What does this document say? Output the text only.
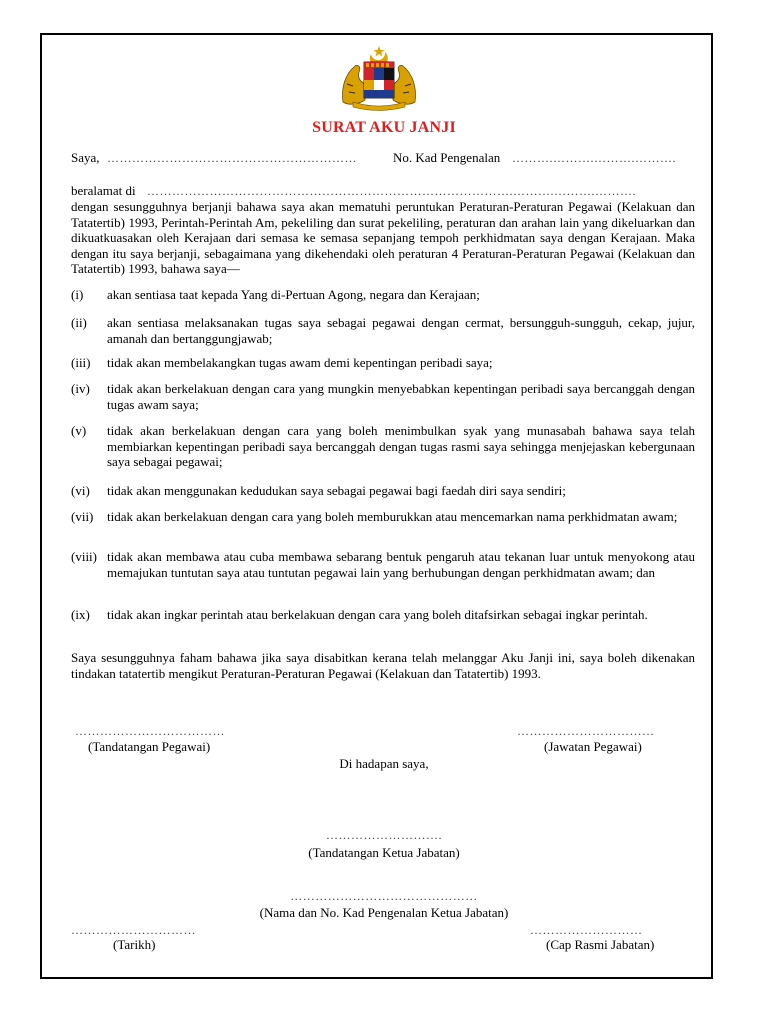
SURAT AKU JANJI
Saya, ……………………………………………………	No. Kad Pengenalan ……….……….……….……….
beralamat di …………………………………………………………………………….……….……….……….
dengan sesungguhnya berjanji bahawa saya akan mematuhi peruntukan Peraturan-Peraturan Pegawai (Kelakuan dan Tatatertib) 1993, Perintah-Perintah Am, pekeliling dan surat pekeliling, peraturan dan arahan lain yang dikeluarkan dan dikuatkuasakan oleh Kerajaan dari semasa ke semasa sepanjang tempoh perkhidmatan saya dengan Kerajaan. Maka dengan itu saya berjanji, sebagaimana yang dikehendaki oleh peraturan 4 Peraturan-Peraturan Pegawai (Kelakuan dan Tatatertib) 1993, bahawa saya—
(i) akan sentiasa taat kepada Yang di-Pertuan Agong, negara dan Kerajaan;
(ii) akan sentiasa melaksanakan tugas saya sebagai pegawai dengan cermat, bersungguh-sungguh, cekap, jujur, amanah dan bertanggungjawab;
(iii) tidak akan membelakangkan tugas awam demi kepentingan peribadi saya;
(iv) tidak akan berkelakuan dengan cara yang mungkin menyebabkan kepentingan peribadi saya bercanggah dengan tugas awam saya;
(v) tidak akan berkelakuan dengan cara yang boleh menimbulkan syak yang munasabah bahawa saya telah membiarkan kepentingan peribadi saya bercanggah dengan tugas rasmi saya sehingga menjejaskan kebergunaan saya sebagai pegawai;
(vi) tidak akan menggunakan kedudukan saya sebagai pegawai bagi faedah diri saya sendiri;
(vii) tidak akan berkelakuan dengan cara yang boleh memburukkan atau mencemarkan nama perkhidmatan awam;
(viii) tidak akan membawa atau cuba membawa sebarang bentuk pengaruh atau tekanan luar untuk menyokong atau memajukan tuntutan saya atau tuntutan pegawai lain yang berhubungan dengan perkhidmatan awam; dan
(ix) tidak akan ingkar perintah atau berkelakuan dengan cara yang boleh ditafsirkan sebagai ingkar perintah.
Saya sesungguhnya faham bahawa jika saya disabitkan kerana telah melanggar Aku Janji ini, saya boleh dikenakan tindakan tatatertib mengikut Peraturan-Peraturan Pegawai (Kelakuan dan Tatatertib) 1993.
………………………………
(Tandatangan Pegawai)
……………………………
(Jawatan Pegawai)
Di hadapan saya,
……………………….
(Tandatangan Ketua Jabatan)
………………………………………
(Nama dan No. Kad Pengenalan Ketua Jabatan)
…………………………
(Tarikh)
………………………
(Cap Rasmi Jabatan)
